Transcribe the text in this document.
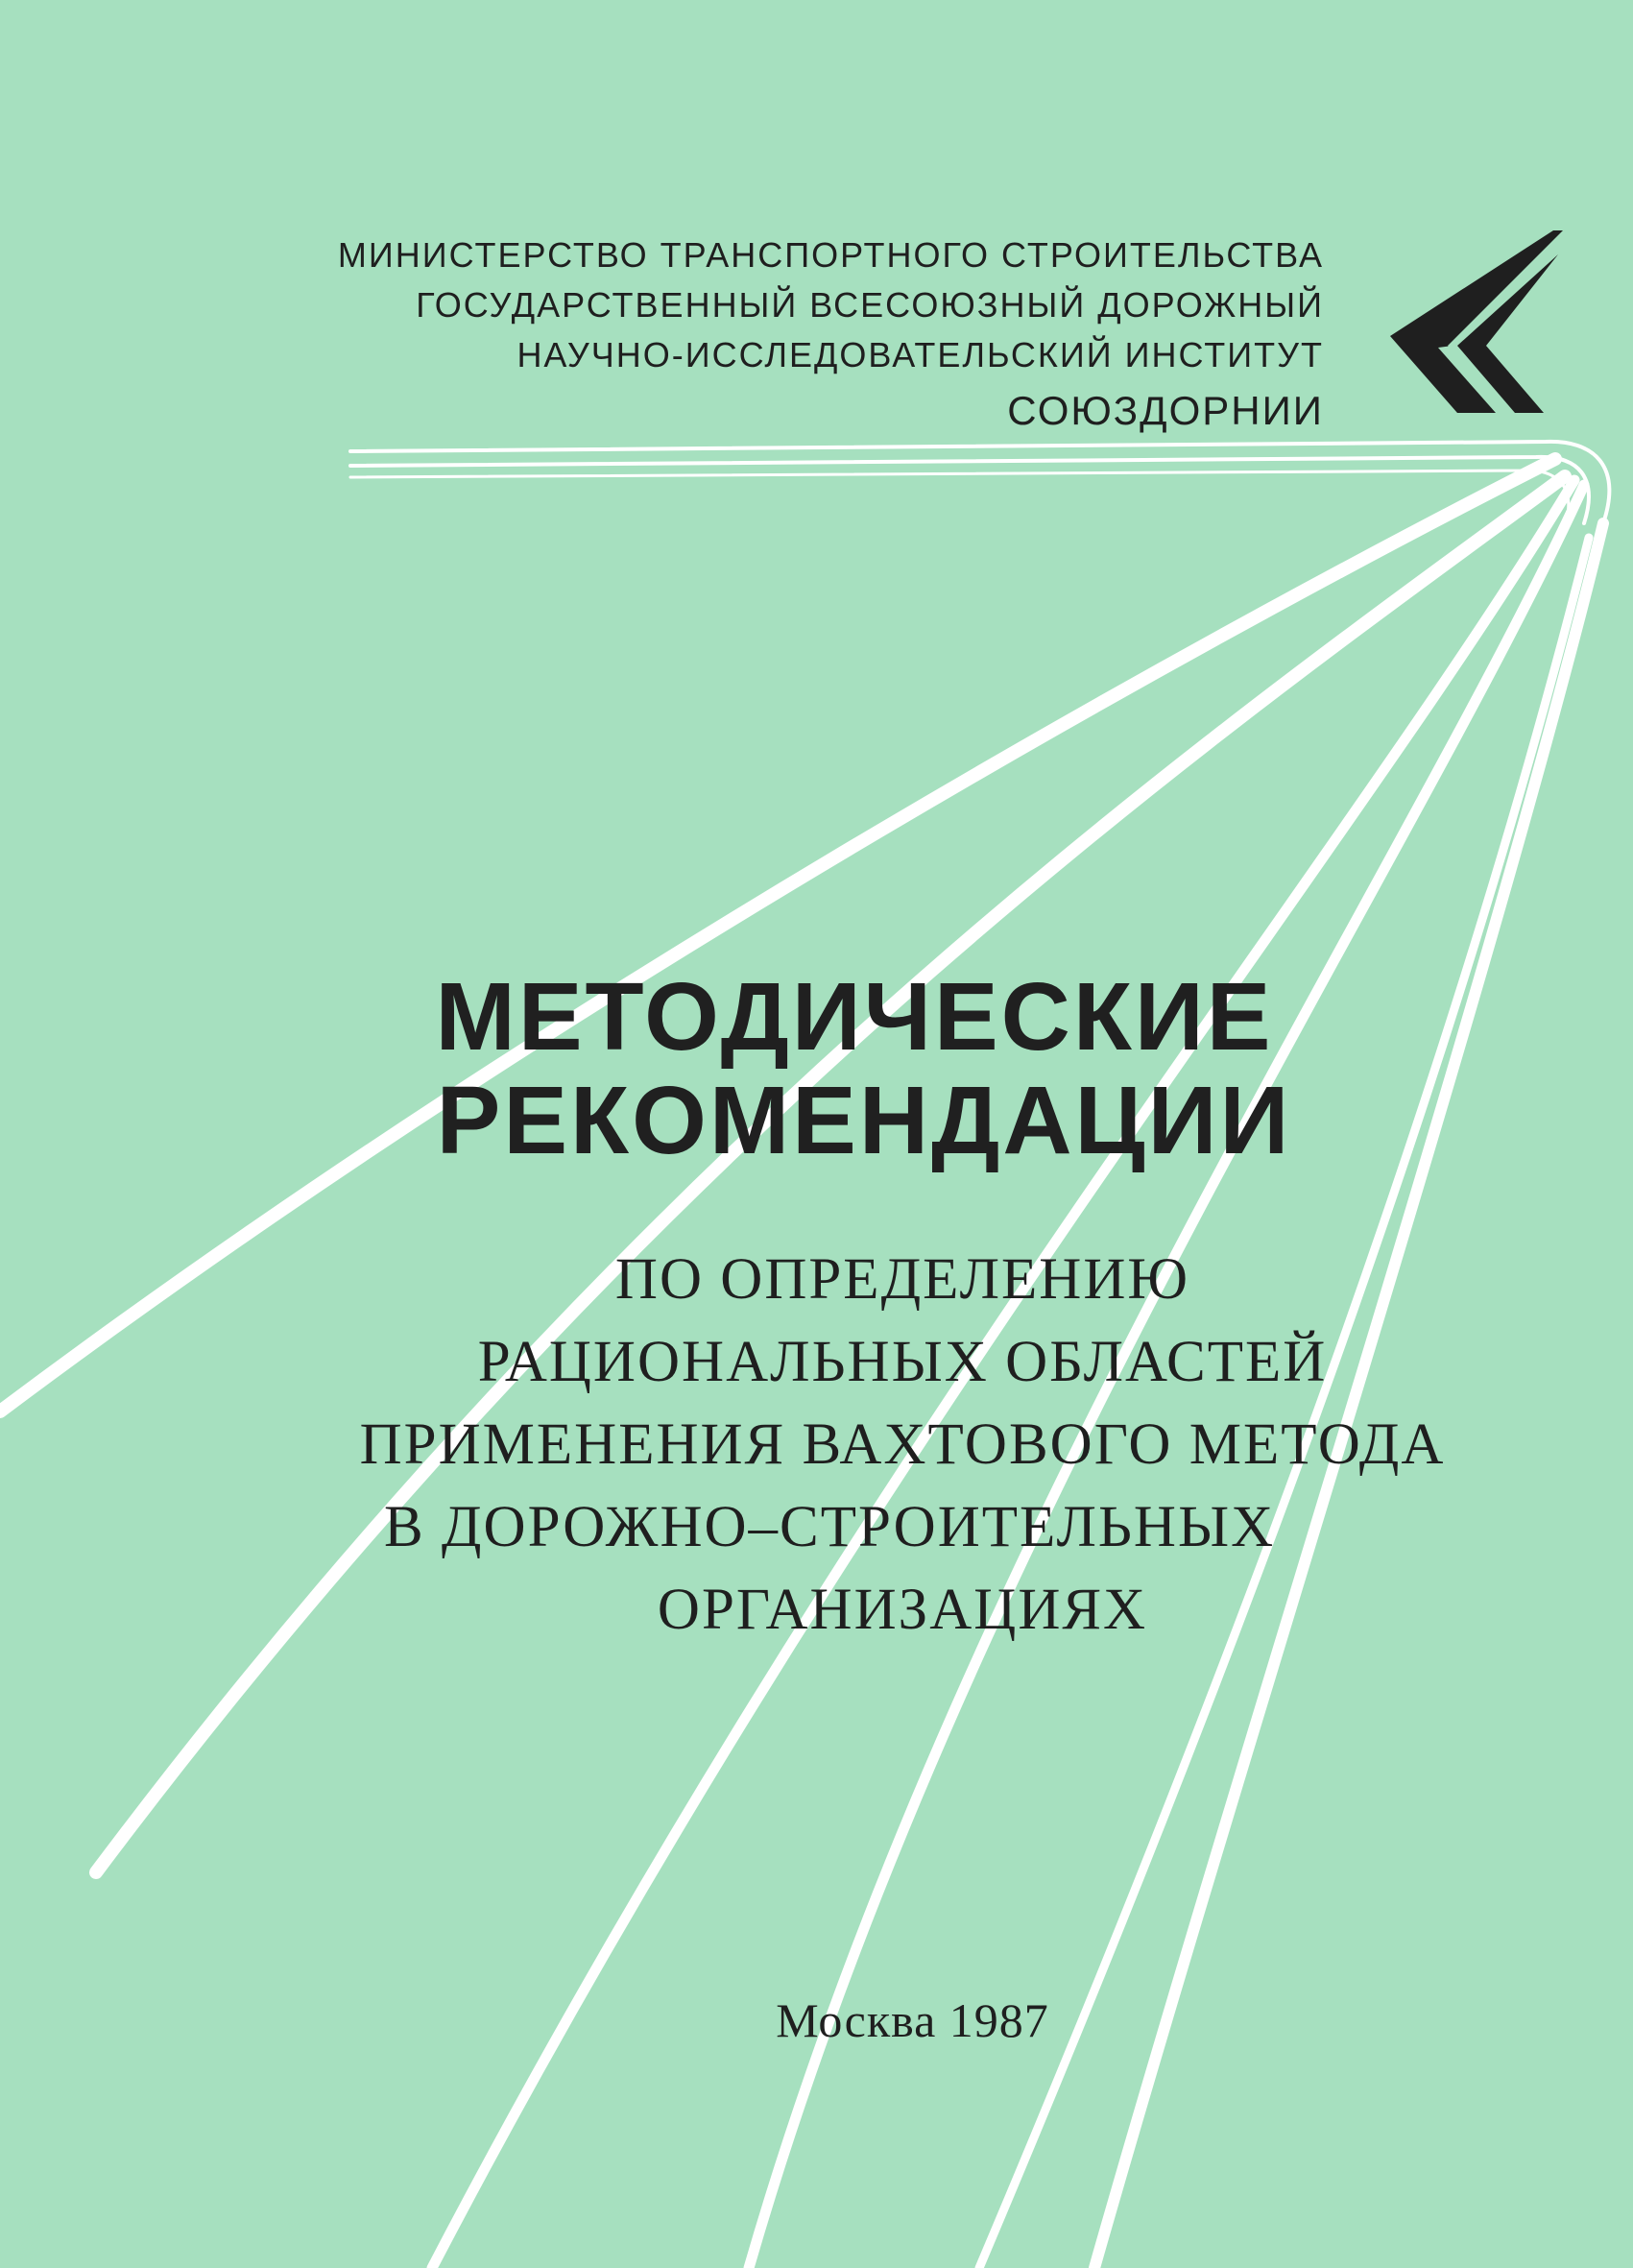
МИНИСТЕРСТВО ТРАНСПОРТНОГО СТРОИТЕЛЬСТВА
ГОСУДАРСТВЕННЫЙ ВСЕСОЮЗНЫЙ ДОРОЖНЫЙ
НАУЧНО-ИССЛЕДОВАТЕЛЬСКИЙ ИНСТИТУТ
СОЮЗДОРНИИ
МЕТОДИЧЕСКИЕ
РЕКОМЕНДАЦИИ
ПО ОПРЕДЕЛЕНИЮ
РАЦИОНАЛЬНЫХ ОБЛАСТЕЙ
ПРИМЕНЕНИЯ ВАХТОВОГО МЕТОДА
В ДОРОЖНО–СТРОИТЕЛЬНЫХ
ОРГАНИЗАЦИЯХ
Москва 1987
